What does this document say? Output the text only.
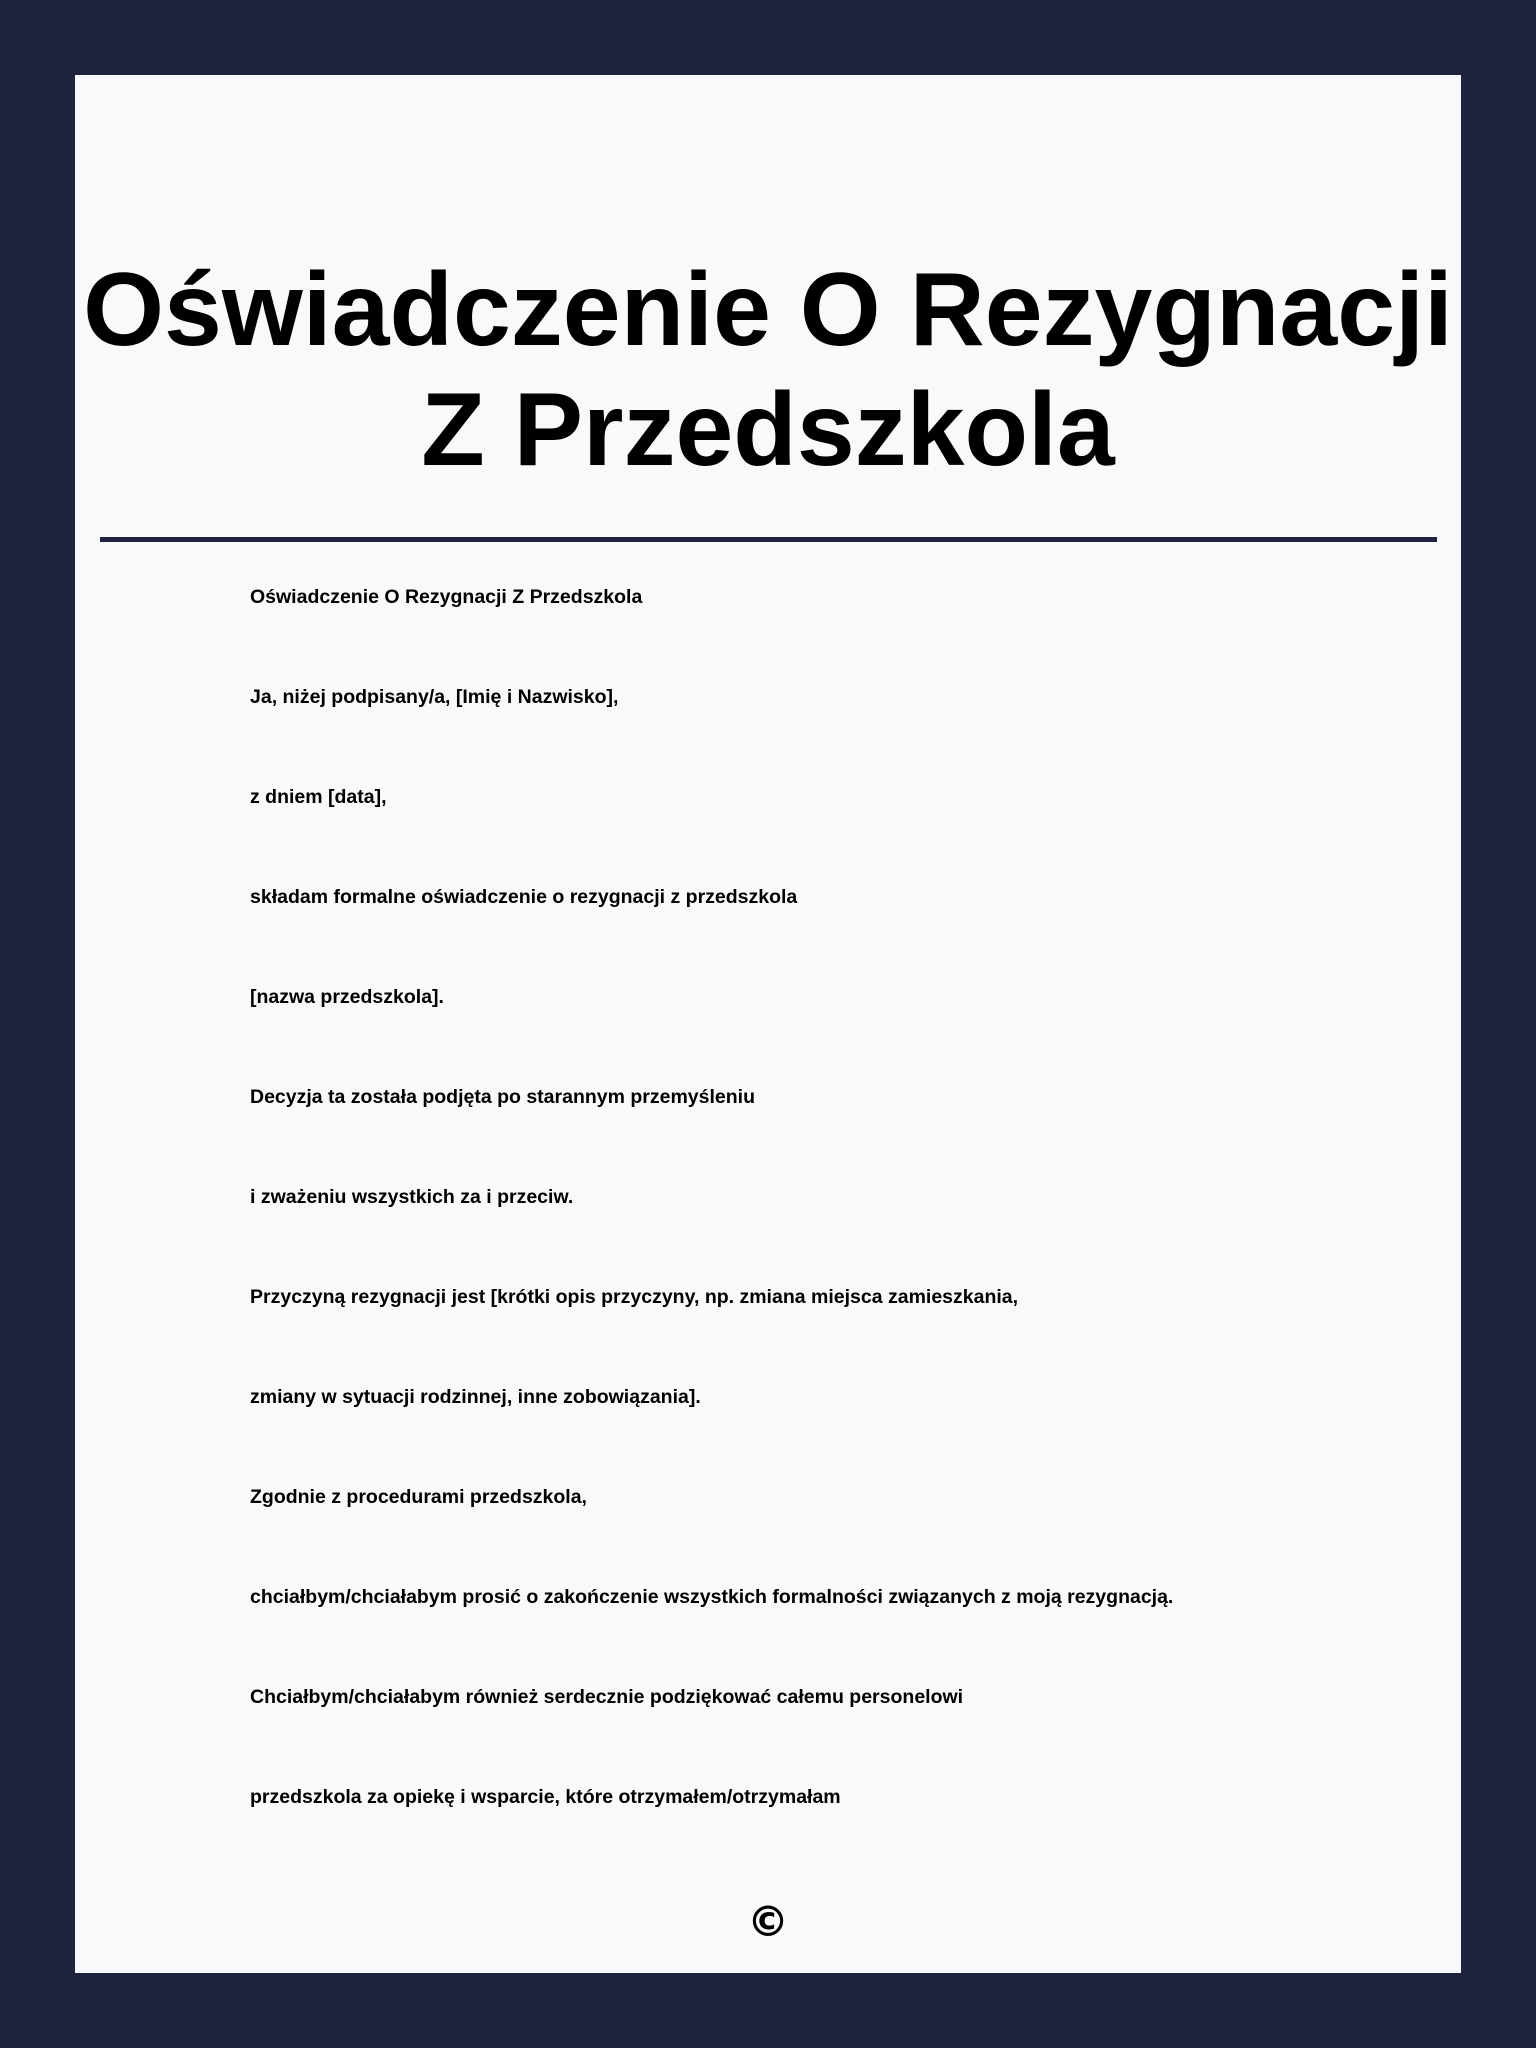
Oświadczenie O Rezygnacji
Z Przedszkola
Oświadczenie O Rezygnacji Z Przedszkola
Ja, niżej podpisany/a, [Imię i Nazwisko],
z dniem [data],
składam formalne oświadczenie o rezygnacji z przedszkola
[nazwa przedszkola].
Decyzja ta została podjęta po starannym przemyśleniu
i zważeniu wszystkich za i przeciw.
Przyczyną rezygnacji jest [krótki opis przyczyny, np. zmiana miejsca zamieszkania,
zmiany w sytuacji rodzinnej, inne zobowiązania].
Zgodnie z procedurami przedszkola,
chciałbym/chciałabym prosić o zakończenie wszystkich formalności związanych z moją rezygnacją.
Chciałbym/chciałabym również serdecznie podziękować całemu personelowi
przedszkola za opiekę i wsparcie, które otrzymałem/otrzymałam
©
